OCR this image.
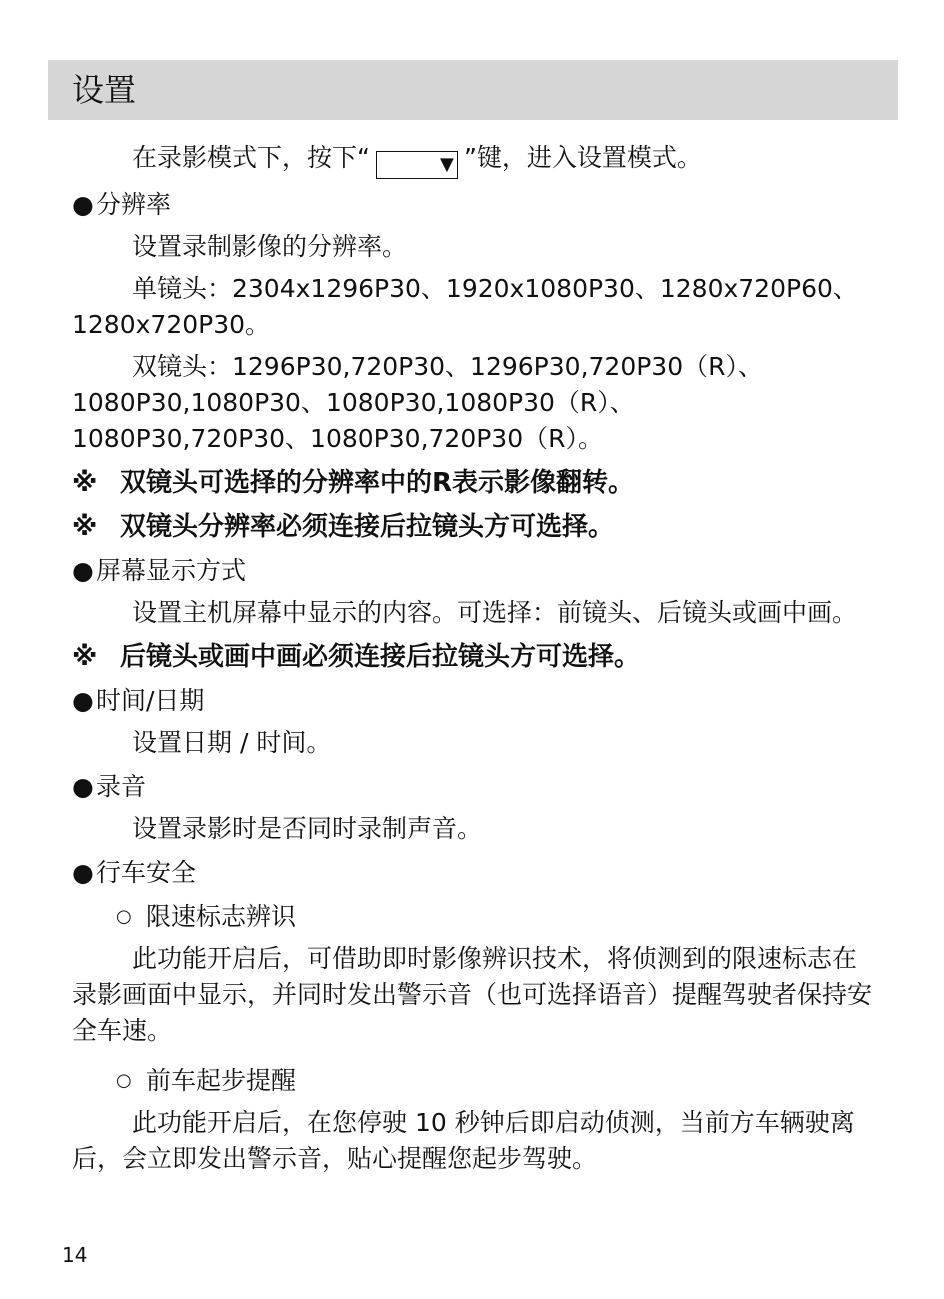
设置

在录影模式下，按下“	▼ ”键，进入设置模式。

● 分辨率

设置录制影像的分辨率。

单镜头：2304x1296P30、1920x1080P30、1280x720P60、1280x720P30。

双镜头：1296P30,720P30、1296P30,720P30（R）、1080P30,1080P30、1080P30,1080P30（R）、1080P30,720P30、1080P30,720P30（R）。

※ 双镜头可选择的分辨率中的R表示影像翻转。
※ 双镜头分辨率必须连接后拉镜头方可选择。
● 屏幕显示方式

设置主机屏幕中显示的内容。可选择：前镜头、后镜头或画中画。

※ 后镜头或画中画必须连接后拉镜头方可选择。
● 时间/日期

设置日期 / 时间。

● 录音

设置录影时是否同时录制声音。

● 行车安全
○ 限速标志辨识

此功能开启后，可借助即时影像辨识技术，将侦测到的限速标志在录影画面中显示，并同时发出警示音（也可选择语音）提醒驾驶者保持安全车速。

○ 前车起步提醒

此功能开启后，在您停驶 10 秒钟后即启动侦测，当前方车辆驶离后，会立即发出警示音，贴心提醒您起步驾驶。

14
